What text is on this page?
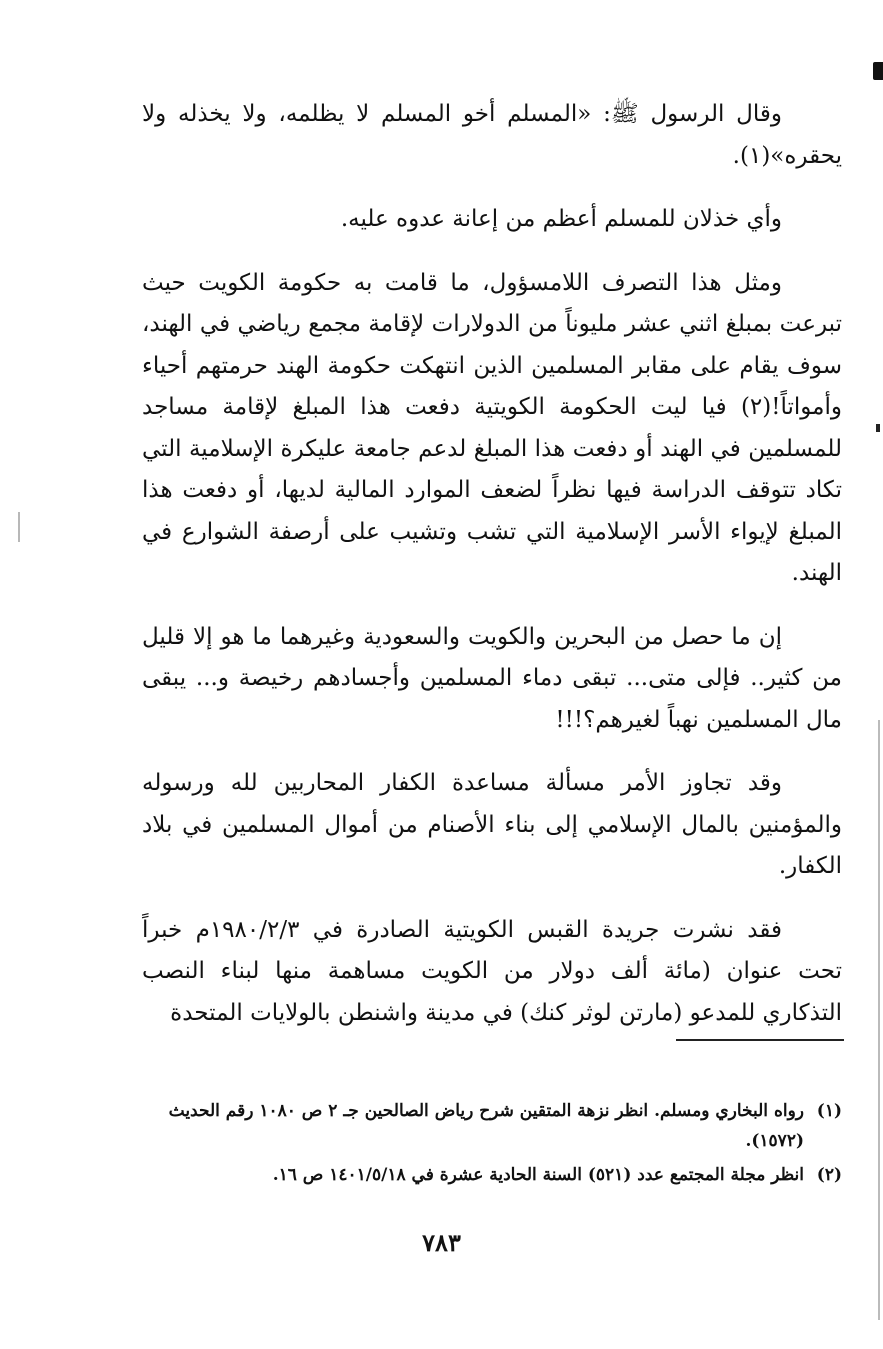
وقال الرسول ﷺ: «المسلم أخو المسلم لا يظلمه، ولا يخذله ولا يحقره»(١).

وأي خذلان للمسلم أعظم من إعانة عدوه عليه.

ومثل هذا التصرف اللامسؤول، ما قامت به حكومة الكويت حيث تبرعت بمبلغ اثني عشر مليوناً من الدولارات لإقامة مجمع رياضي في الهند، سوف يقام على مقابر المسلمين الذين انتهكت حكومة الهند حرمتهم أحياء وأمواتاً!(٢) فيا ليت الحكومة الكويتية دفعت هذا المبلغ لإقامة مساجد للمسلمين في الهند أو دفعت هذا المبلغ لدعم جامعة عليكرة الإسلامية التي تكاد تتوقف الدراسة فيها نظراً لضعف الموارد المالية لديها، أو دفعت هذا المبلغ لإيواء الأسر الإسلامية التي تشب وتشيب على أرصفة الشوارع في الهند.

إن ما حصل من البحرين والكويت والسعودية وغيرهما ما هو إلا قليل من كثير.. فإلى متى... تبقى دماء المسلمين وأجسادهم رخيصة و... يبقى مال المسلمين نهباً لغيرهم؟!!!

وقد تجاوز الأمر مسألة مساعدة الكفار المحاربين لله ورسوله والمؤمنين بالمال الإسلامي إلى بناء الأصنام من أموال المسلمين في بلاد الكفار.

فقد نشرت جريدة القبس الكويتية الصادرة في ١٩٨٠/٢/٣م خبراً تحت عنوان (مائة ألف دولار من الكويت مساهمة منها لبناء النصب التذكاري للمدعو (مارتن لوثر كنك) في مدينة واشنطن بالولايات المتحدة

(١)
رواه البخاري ومسلم. انظر نزهة المتقين شرح رياض الصالحين جـ ٢ ص ١٠٨٠ رقم الحديث (١٥٧٢).
(٢)
انظر مجلة المجتمع عدد (٥٢١) السنة الحادية عشرة في ١٤٠١/٥/١٨ ص ١٦.
٧٨٣
